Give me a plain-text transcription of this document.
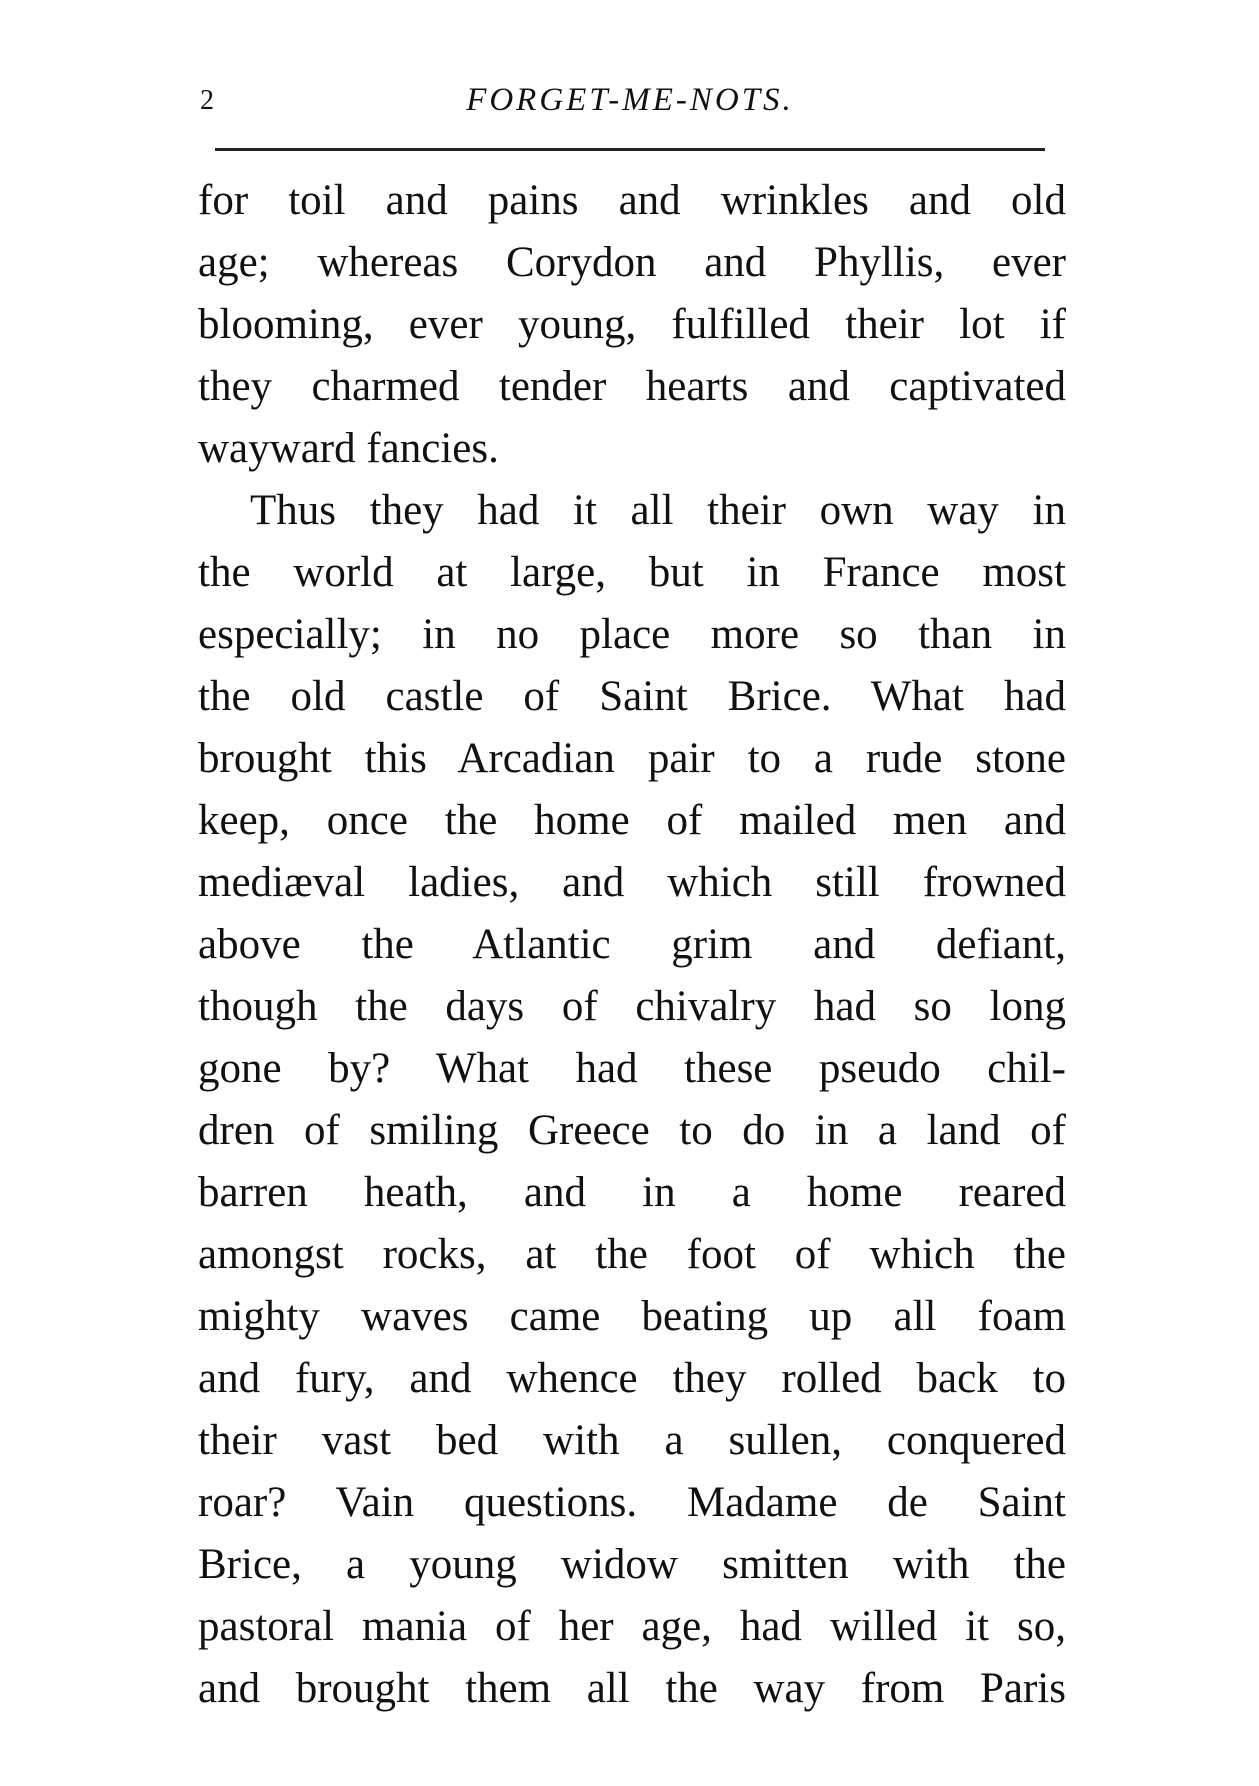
2	FORGET-ME-NOTS.
for toil and pains and wrinkles and old
age; whereas Corydon and Phyllis, ever
blooming, ever young, fulfilled their lot if
they charmed tender hearts and captivated
wayward fancies.
Thus they had it all their own way in
the world at large, but in France most
especially; in no place more so than in
the old castle of Saint Brice. What had
brought this Arcadian pair to a rude stone
keep, once the home of mailed men and
mediæval ladies, and which still frowned
above the Atlantic grim and defiant,
though the days of chivalry had so long
gone by? What had these pseudo chil-
dren of smiling Greece to do in a land of
barren heath, and in a home reared
amongst rocks, at the foot of which the
mighty waves came beating up all foam
and fury, and whence they rolled back to
their vast bed with a sullen, conquered
roar? Vain questions. Madame de Saint
Brice, a young widow smitten with the
pastoral mania of her age, had willed it so,
and brought them all the way from Paris
